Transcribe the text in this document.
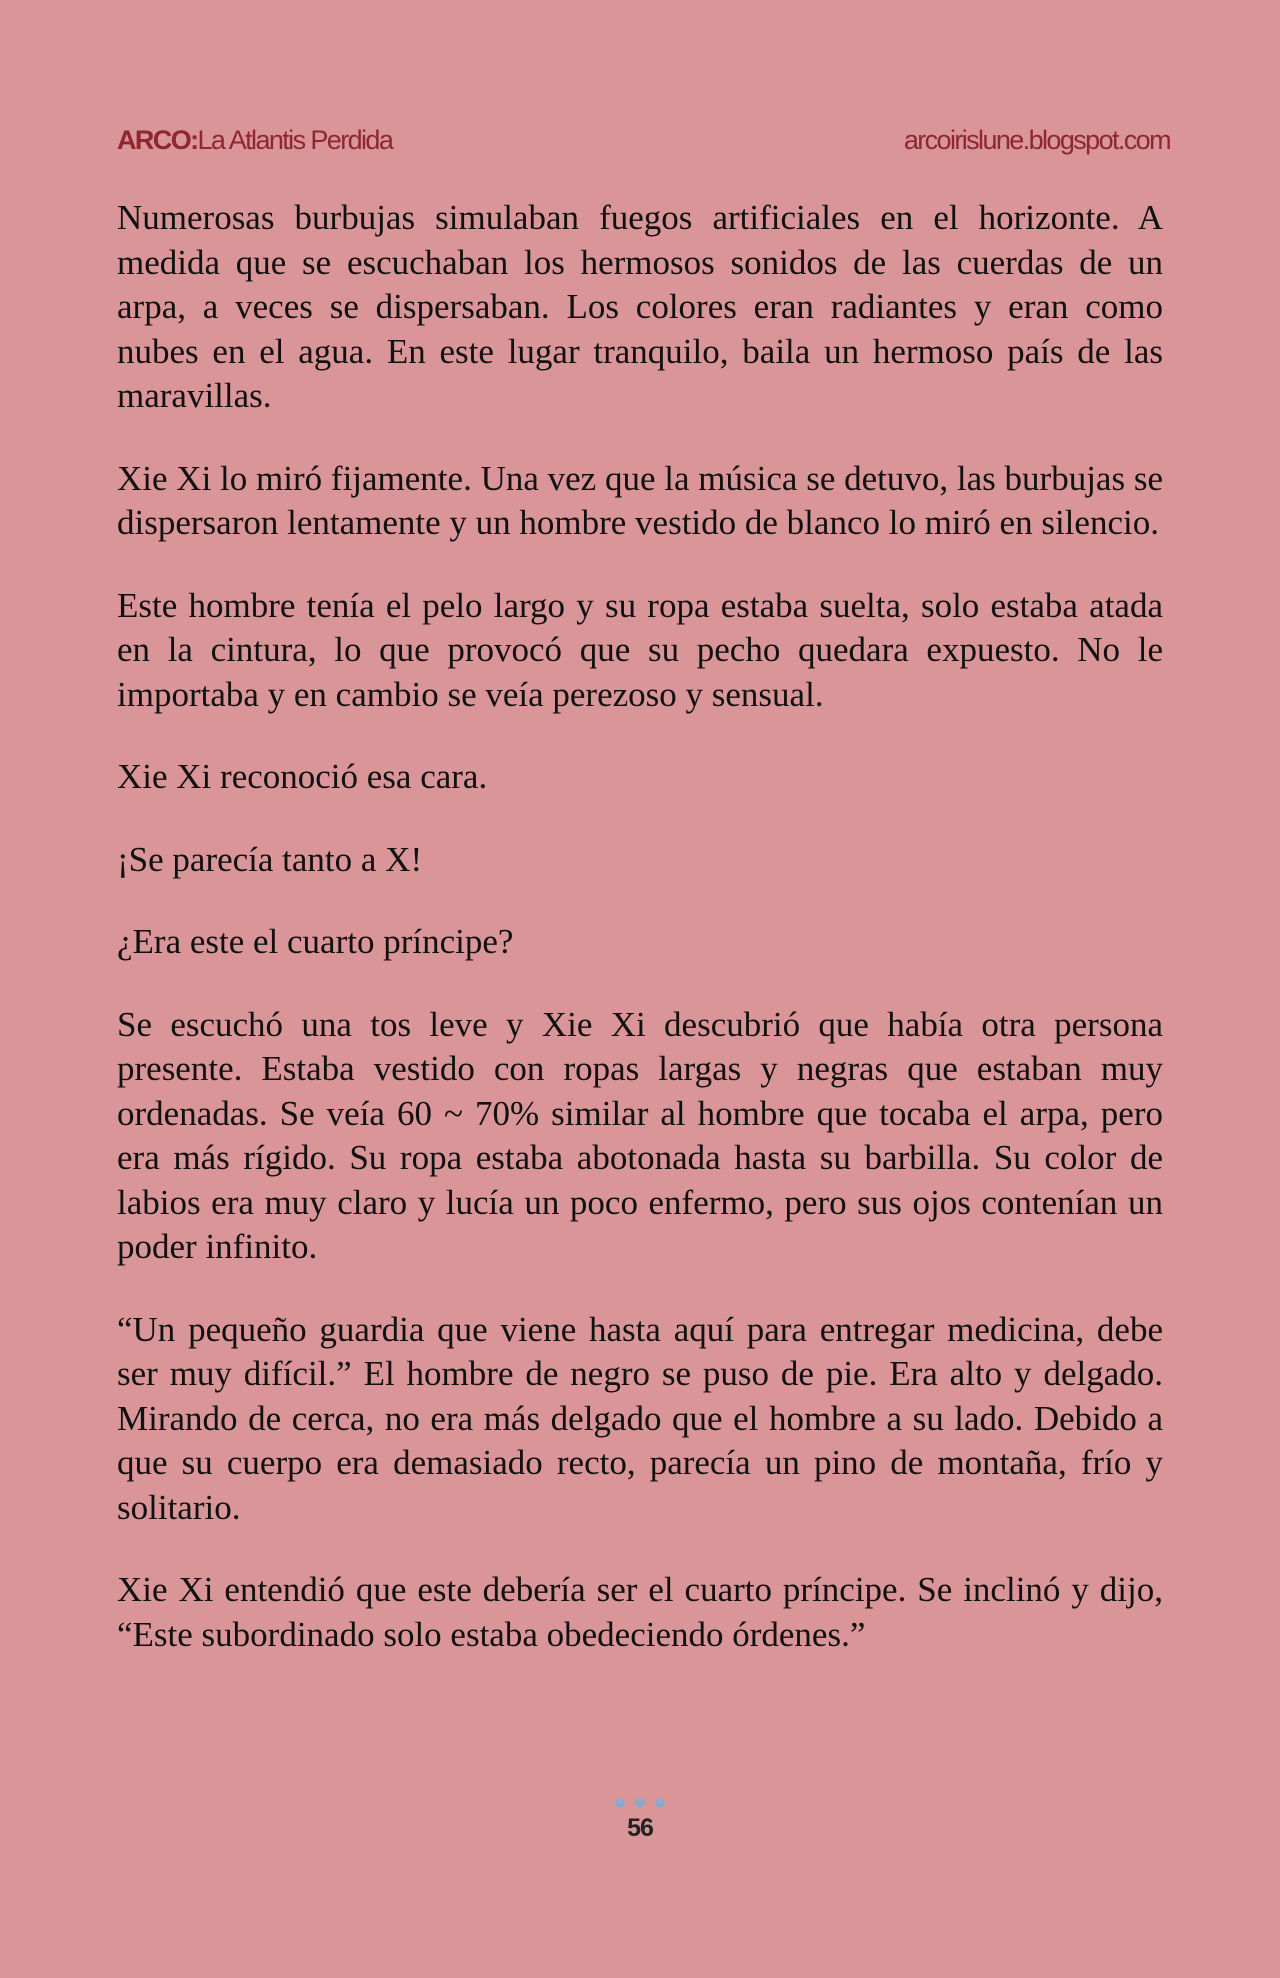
ARCO:La Atlantis Perdida	arcoirislune.blogspot.com

Numerosas burbujas simulaban fuegos artificiales en el horizonte. A medida que se escuchaban los hermosos sonidos de las cuerdas de un arpa, a veces se dispersaban. Los colores eran radiantes y eran como nubes en el agua. En este lugar tranquilo, baila un hermoso país de las maravillas.

Xie Xi lo miró fijamente. Una vez que la música se detuvo, las burbujas se dispersaron lentamente y un hombre vestido de blanco lo miró en silencio.

Este hombre tenía el pelo largo y su ropa estaba suelta, solo estaba atada en la cintura, lo que provocó que su pecho quedara expuesto. No le importaba y en cambio se veía perezoso y sensual.

Xie Xi reconoció esa cara.

¡Se parecía tanto a X!

¿Era este el cuarto príncipe?

Se escuchó una tos leve y Xie Xi descubrió que había otra persona presente. Estaba vestido con ropas largas y negras que estaban muy ordenadas. Se veía 60 ~ 70% similar al hombre que tocaba el arpa, pero era más rígido. Su ropa estaba abotonada hasta su barbilla. Su color de labios era muy claro y lucía un poco enfermo, pero sus ojos contenían un poder infinito.

“Un pequeño guardia que viene hasta aquí para entregar medicina, debe ser muy difícil.” El hombre de negro se puso de pie. Era alto y delgado. Mirando de cerca, no era más delgado que el hombre a su lado. Debido a que su cuerpo era demasiado recto, parecía un pino de montaña, frío y solitario.

Xie Xi entendió que este debería ser el cuarto príncipe. Se inclinó y dijo, “Este subordinado solo estaba obedeciendo órdenes.”

56
